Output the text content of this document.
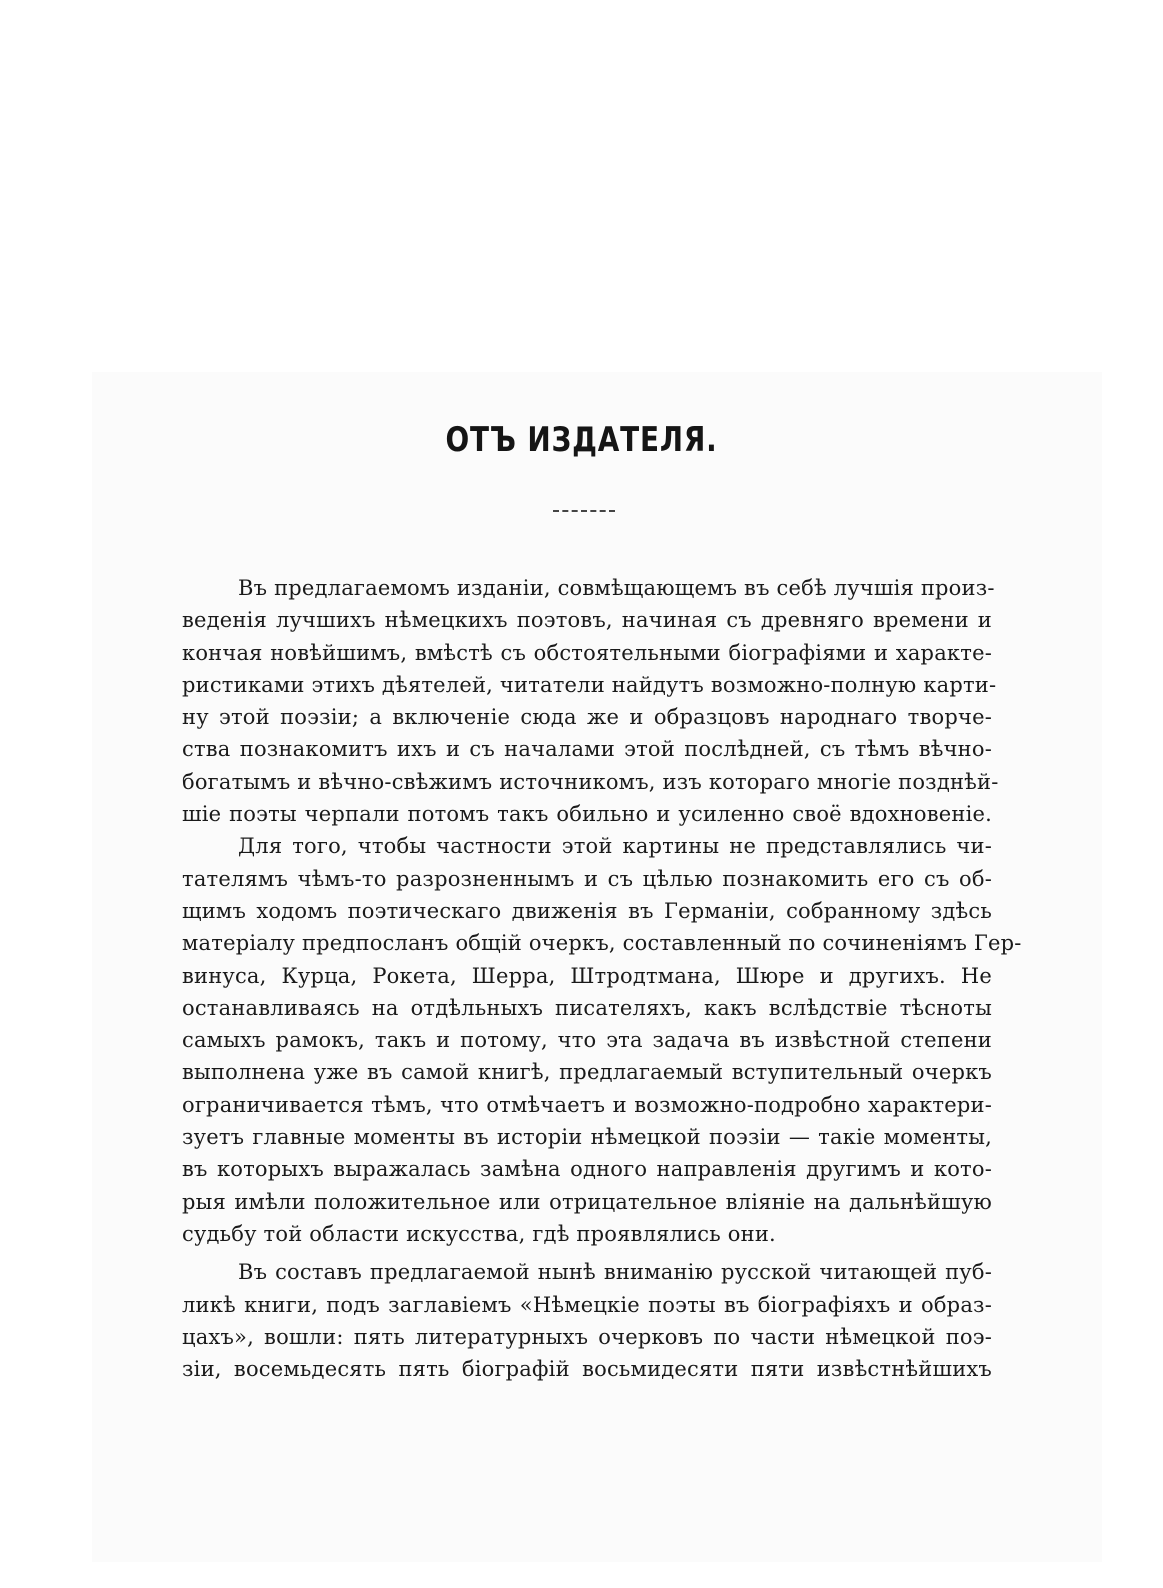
ОТЪ ИЗДАТЕЛЯ.
Въ предлагаемомъ изданіи, совмѣщающемъ въ себѣ лучшія произ-
веденія лучшихъ нѣмецкихъ поэтовъ, начиная съ древняго времени и
кончая новѣйшимъ, вмѣстѣ съ обстоятельными біографіями и характе-
ристиками этихъ дѣятелей, читатели найдутъ возможно-полную карти-
ну этой поэзіи; а включеніе сюда же и образцовъ народнаго творче-
ства познакомитъ ихъ и съ началами этой послѣдней, съ тѣмъ вѣчно-
богатымъ и вѣчно-свѣжимъ источникомъ, изъ котораго многіе позднѣй-
шіе поэты черпали потомъ такъ обильно и усиленно своё вдохновеніе.
Для того, чтобы частности этой картины не представлялись чи-
тателямъ чѣмъ-то разрозненнымъ и съ цѣлью познакомить его съ об-
щимъ ходомъ поэтическаго движенія въ Германіи, собранному здѣсь
матеріалу предпосланъ общій очеркъ, составленный по сочиненіямъ Гер-
винуса, Курца, Рокета, Шерра, Штродтмана, Шюре и другихъ. Не
останавливаясь на отдѣльныхъ писателяхъ, какъ вслѣдствіе тѣсноты
самыхъ рамокъ, такъ и потому, что эта задача въ извѣстной степени
выполнена уже въ самой книгѣ, предлагаемый вступительный очеркъ
ограничивается тѣмъ, что отмѣчаетъ и возможно-подробно характери-
зуетъ главные моменты въ исторіи нѣмецкой поэзіи — такіе моменты,
въ которыхъ выражалась замѣна одного направленія другимъ и кото-
рыя имѣли положительное или отрицательное вліяніе на дальнѣйшую
судьбу той области искусства, гдѣ проявлялись они.
Въ составъ предлагаемой нынѣ вниманію русской читающей пуб-
ликѣ книги, подъ заглавіемъ «Нѣмецкіе поэты въ біографіяхъ и образ-
цахъ», вошли: пять литературныхъ очерковъ по части нѣмецкой поэ-
зіи, восемьдесять пять біографій восьмидесяти пяти извѣстнѣйшихъ
